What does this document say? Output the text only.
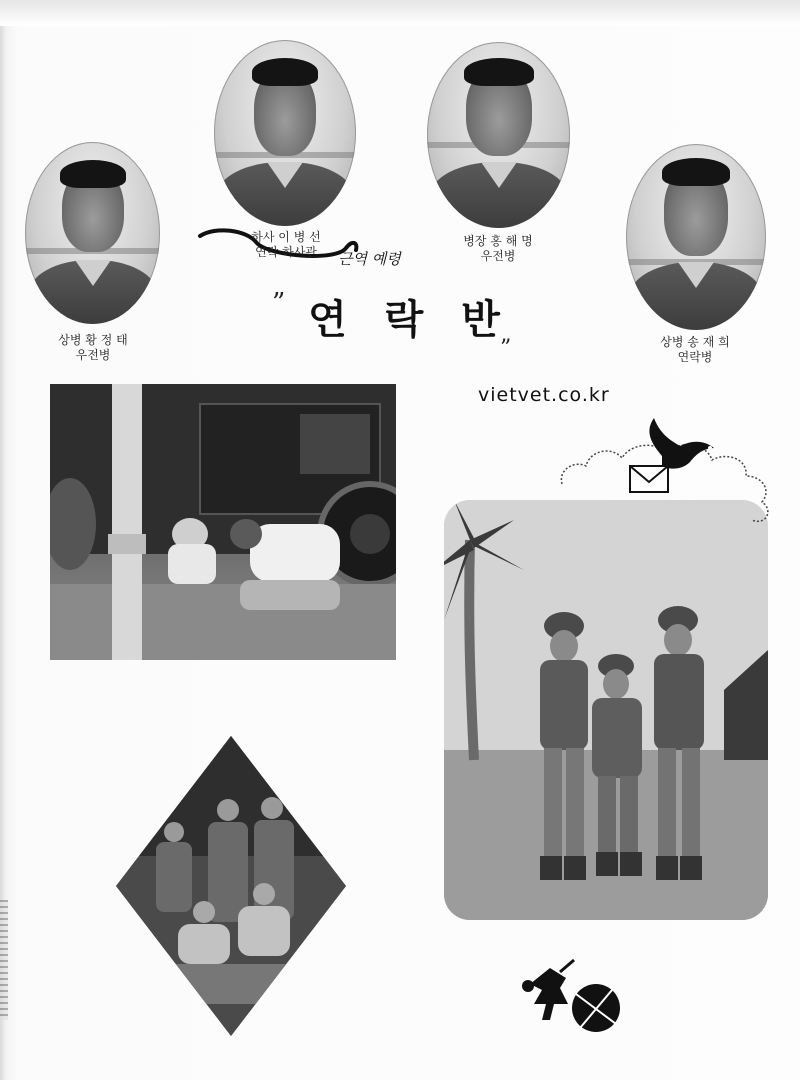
상병 황 정 태
우전병
하사 이 병 선
연락 하사관	근역 예령
병장 홍 해 명
우전병
상병 송 재 희
연락병
” 연 락 반
”
vietvet.co.kr
